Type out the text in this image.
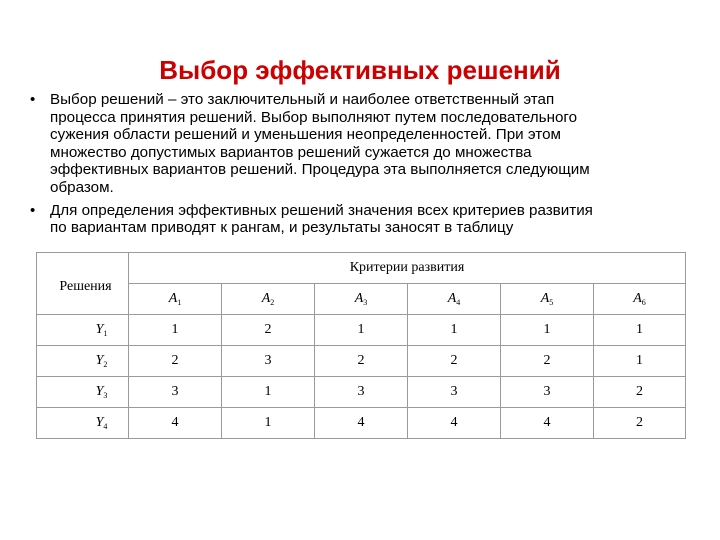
Выбор эффективных решений
• Выбор решений – это заключительный и наиболее ответственный этап
процесса принятия решений. Выбор выполняют путем последовательного
сужения области решений и уменьшения неопределенностей. При этом
множество допустимых вариантов решений сужается до множества
эффективных вариантов решений. Процедура эта выполняется следующим
образом.
• Для определения эффективных решений значения всех критериев развития
по вариантам приводят к рангам, и результаты заносят в таблицу
Решения	Критерии развития					
	$A_1$	$A_2$	$A_3$	$A_4$	$A_5$	$A_6$
$Y_1$	1	2	1	1	1	1
$Y_2$	2	3	2	2	2	1
$Y_3$	3	1	3	3	3	2
$Y_4$	4	1	4	4	4	2
